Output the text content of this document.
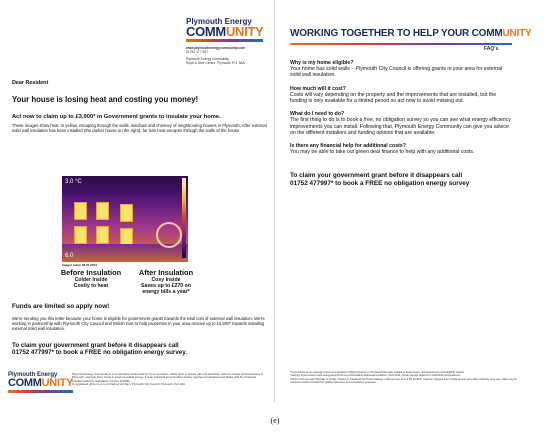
Plymouth Energy
COMMUNITY
www.plymouthenergycommunity.com
01752 477 997
Plymouth Energy Community,
Rope & Dive Centre, Plymouth PL1 3AA
Dear Resident
Your house is losing heat and costing you money!
Act now to claim up to £3,900* in Government grants to insulate your home.
These images show heat, in yellow, escaping through the walls, windows and chimney of neighbouring houses in Plymouth. After external solid wall insulation has been installed (the darker house on the right), far less heat escapes through the walls of the house
3.0 °C
6.0
Images taken 30.01.2013
Before Insulation
Colder Inside
Costly to heat
After Insulation
Cosy Inside
Saves up to £270 on
energy bills a year*
Funds are limited so apply now!
We're sending you this letter because your home is eligible for government grants towards the total cost of external wall insulation. We're working in partnership with Plymouth City Council and British Gas to help properties in your area receive up to £3,900* towards installing external solid wall insulation.
To claim your government grant before it disappears call
01752 477997* to book a FREE no obligation energy survey.
Plymouth Energy
COMMUNITY
Plymouth Energy Community is a co-operative owned and run by its members, which aims to reduce gas and electricity costs for people and businesses in Plymouth, and help them invest in local renewable energy. It is an industrial and provident society registered in England and Wales with the Financial Conduct Authority registration number 32180R.
Its registered office is c/o Lorn Carbon Ltd Sam, Plymouth City Council, Plymouth, PL1 3AA
WORKING TOGETHER TO HELP YOUR COMMUNITY
FAQ's
Why is my home eligible?
Your home has solid walls – Plymouth City Council is offering grants in your area for external solid wall insulation.
How much will it cost?
Costs will vary depending on the property and the improvements that are installed, but the funding is only available for a limited period so act now to avoid missing out.
What do I need to do?
The first thing to do is to book a free, no obligation survey so you can see what energy efficiency improvements you can install. Following that, Plymouth Energy Community can give you advice on the different installers and funding options that are available.
Is there any financial help for additional costs?
You may be able to take out green deal finance to help with any additional costs.
To claim your government grant before it disappears call
01752 477997* to book a FREE no obligation energy survey
*Grant based on an average 3 bed semi-detached (SWAI) property in the Ward Park area, subject to assessment, technical survey and eligibility criteria.
*Savings figure source www.energysavingtrust.org.uk/Insulation/Solid-wall-insulation, June 2014. Actual savings depend on individual circumstances.
*Phone lines are open Monday to Friday. Closed on weekends and bank holidays. Calls are free from a BT landline, however charges from mobile phones and other networks may vary. Calls may be monitored and/or recorded for quality assurance and compliance purposes.
(e)
